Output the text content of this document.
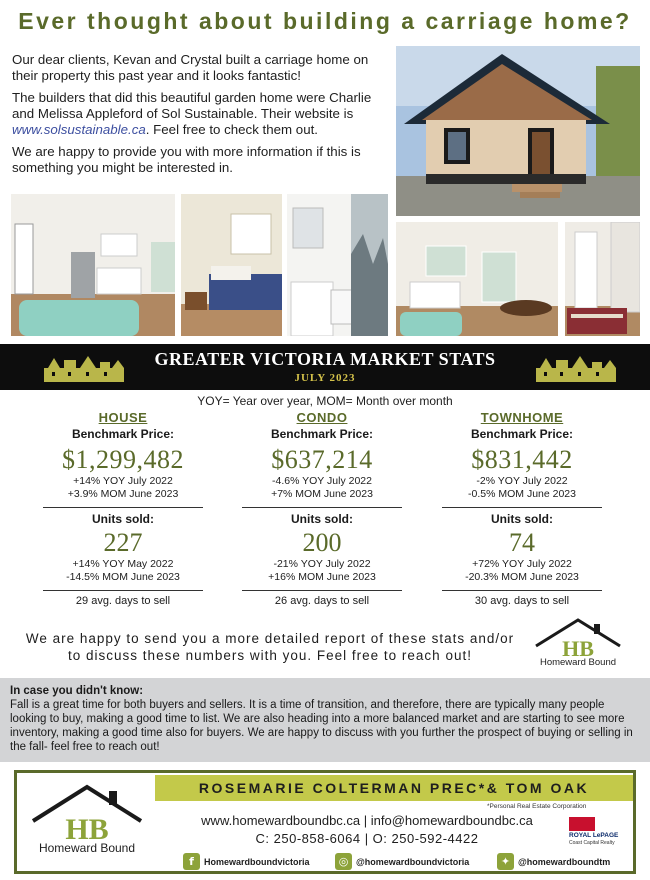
Ever thought about building a carriage home?

Our dear clients, Kevan and Crystal built a carriage home on their property this past year and it looks fantastic!

The builders that did this beautiful garden home were Charlie and Melissa Appleford of Sol Sustainable. Their website is www.solsustainable.ca. Feel free to check them out.

We are happy to provide you with more information if this is something you might be interested in.

GREATER VICTORIA MARKET STATS
JULY 2023
YOY= Year over year, MOM= Month over month
HOUSE
Benchmark Price:
$1,299,482
+14% YOY July 2022
+3.9% MOM June 2023
Units sold:
227
+14% YOY May 2022
-14.5% MOM June 2023
29 avg. days to sell
CONDO
Benchmark Price:
$637,214
-4.6% YOY July 2022
+7% MOM June 2023
Units sold:
200
-21% YOY July 2022
+16% MOM June 2023
26 avg. days to sell
TOWNHOME
Benchmark Price:
$831,442
-2% YOY July 2022
-0.5% MOM June 2023
Units sold:
74
+72% YOY July 2022
-20.3% MOM June 2023
30 avg. days to sell
We are happy to send you a more detailed report of these stats and/or to discuss these numbers with you. Feel free to reach out!	HB
Homeward Bound
In case you didn't know:
Fall is a great time for both buyers and sellers. It is a time of transition, and therefore, there are typically many people looking to buy, making a good time to list. We are also heading into a more balanced market and are starting to see more inventory, making a good time also for buyers. We are happy to discuss with you further the prospect of buying or selling in the fall- feel free to reach out!
HB
Homeward Bound
ROSEMARIE COLTERMAN PREC*& TOM OAK
*Personal Real Estate Corporation
www.homewardboundbc.ca | info@homewardboundbc.ca
C: 250-858-6064 | O: 250-592-4422	ROYAL LePAGE
Coast Capital Realty
f	Homewardboundvictoria	◎ @homewardboundvictoria	✦ @homewardboundtm
